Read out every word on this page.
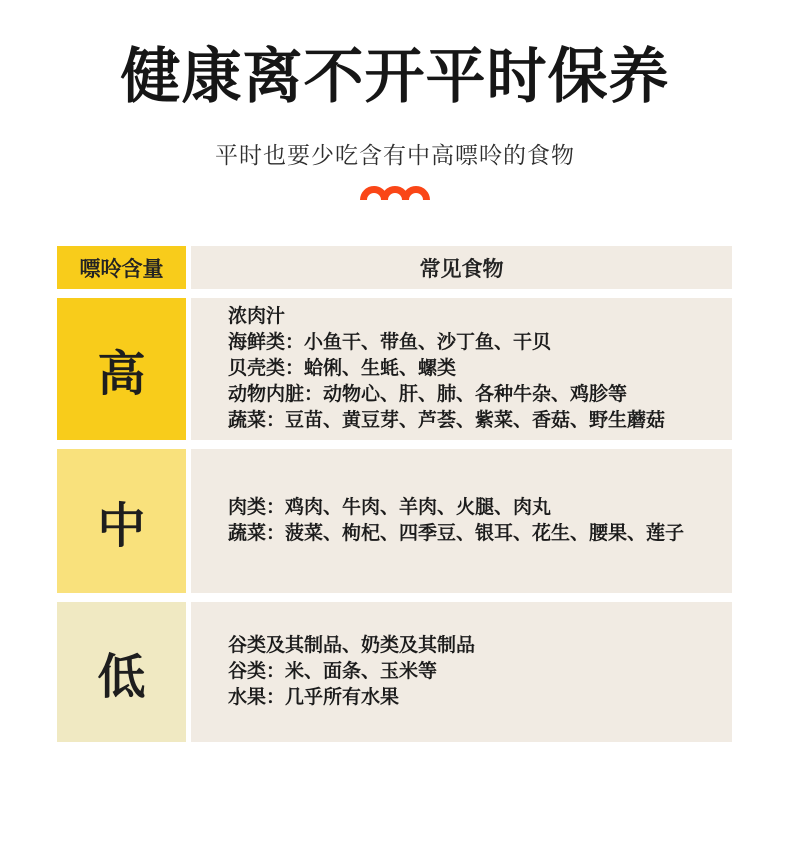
健康离不开平时保养

平时也要少吃含有中高嘌呤的食物

嘌呤含量	常见食物
高
浓肉汁
海鲜类：小鱼干、带鱼、沙丁鱼、干贝
贝壳类：蛤俐、生蚝、螺类
动物内脏：动物心、肝、肺、各种牛杂、鸡胗等
蔬菜：豆苗、黄豆芽、芦荟、紫菜、香菇、野生蘑菇
中	肉类：鸡肉、牛肉、羊肉、火腿、肉丸
蔬菜：菠菜、枸杞、四季豆、银耳、花生、腰果、莲子
低
谷类及其制品、奶类及其制品
谷类：米、面条、玉米等
水果：几乎所有水果
